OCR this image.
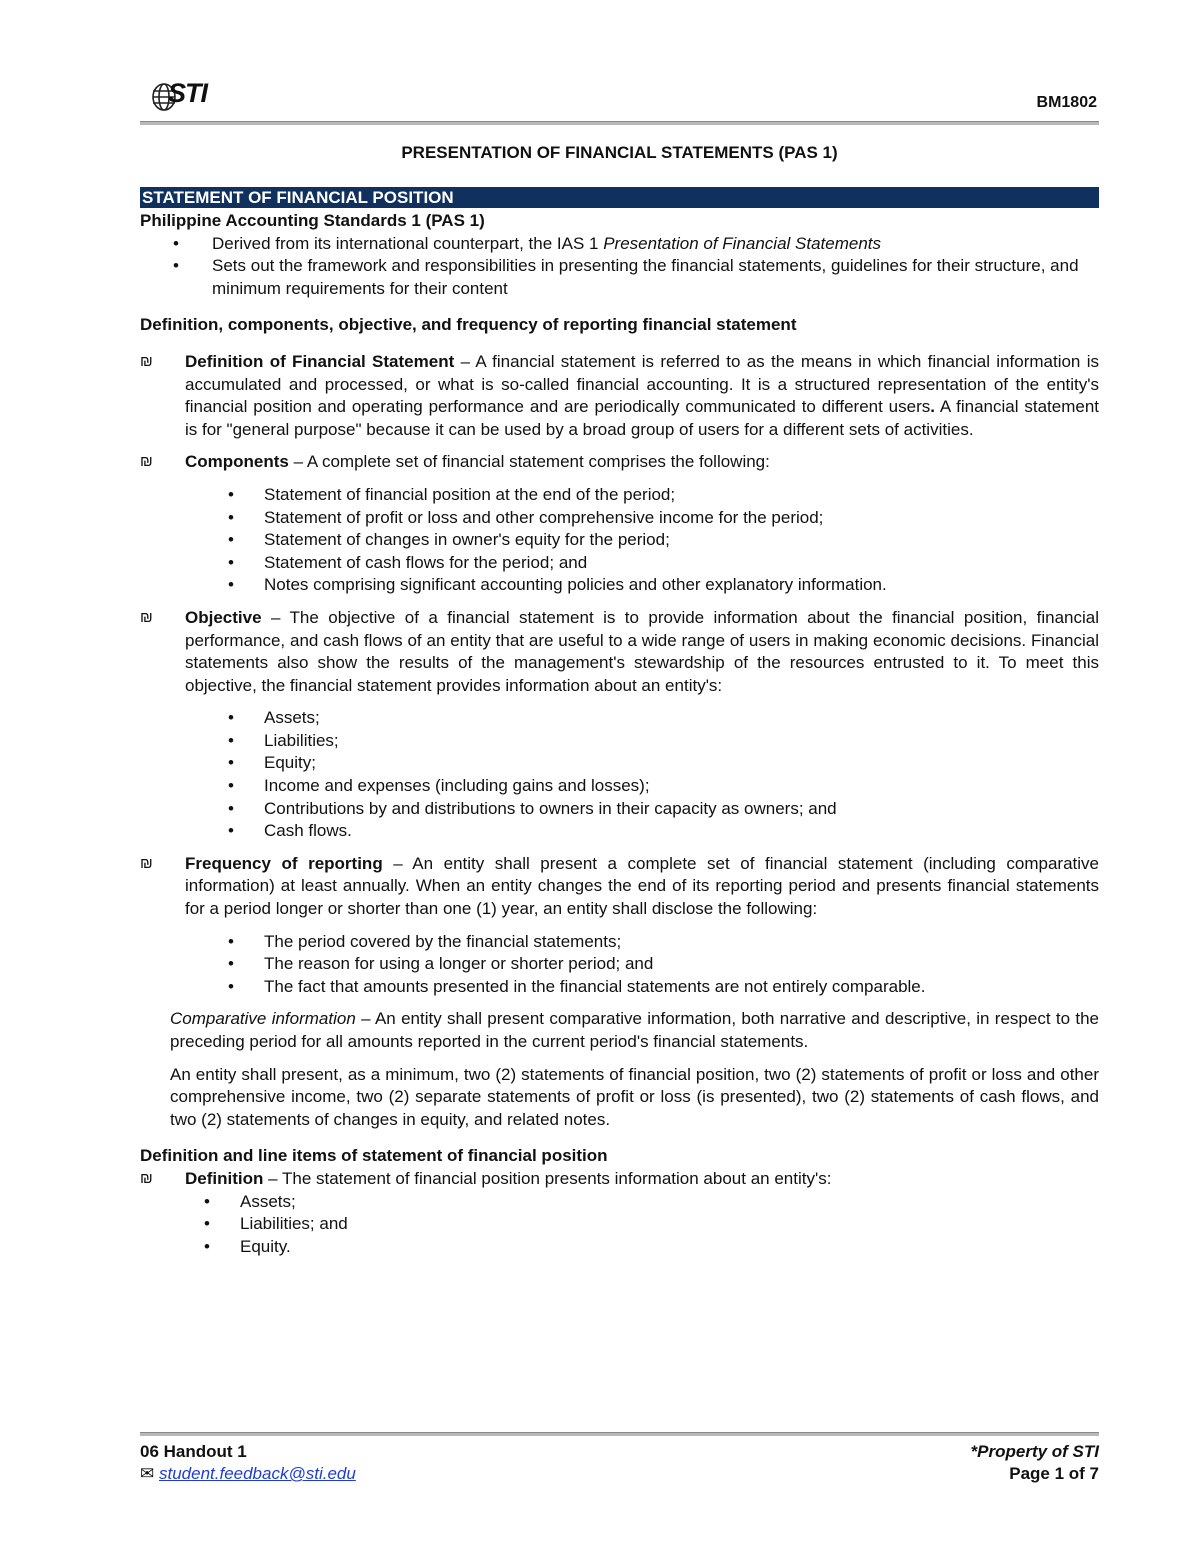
STI	BM1802
PRESENTATION OF FINANCIAL STATEMENTS (PAS 1)
STATEMENT OF FINANCIAL POSITION
Philippine Accounting Standards 1 (PAS 1)
• Derived from its international counterpart, the IAS 1 Presentation of Financial Statements
• Sets out the framework and responsibilities in presenting the financial statements, guidelines for their structure, and minimum requirements for their content
Definition, components, objective, and frequency of reporting financial statement
₪ Definition of Financial Statement – A financial statement is referred to as the means in which financial information is accumulated and processed, or what is so-called financial accounting. It is a structured representation of the entity's financial position and operating performance and are periodically communicated to different users. A financial statement is for "general purpose" because it can be used by a broad group of users for a different sets of activities.
₪ Components – A complete set of financial statement comprises the following:
• Statement of financial position at the end of the period;
• Statement of profit or loss and other comprehensive income for the period;
• Statement of changes in owner's equity for the period;
• Statement of cash flows for the period; and
• Notes comprising significant accounting policies and other explanatory information.
₪ Objective – The objective of a financial statement is to provide information about the financial position, financial performance, and cash flows of an entity that are useful to a wide range of users in making economic decisions. Financial statements also show the results of the management's stewardship of the resources entrusted to it. To meet this objective, the financial statement provides information about an entity's:
• Assets;
• Liabilities;
• Equity;
• Income and expenses (including gains and losses);
• Contributions by and distributions to owners in their capacity as owners; and
• Cash flows.
₪ Frequency of reporting – An entity shall present a complete set of financial statement (including comparative information) at least annually. When an entity changes the end of its reporting period and presents financial statements for a period longer or shorter than one (1) year, an entity shall disclose the following:
• The period covered by the financial statements;
• The reason for using a longer or shorter period; and
• The fact that amounts presented in the financial statements are not entirely comparable.
Comparative information – An entity shall present comparative information, both narrative and descriptive, in respect to the preceding period for all amounts reported in the current period's financial statements.
An entity shall present, as a minimum, two (2) statements of financial position, two (2) statements of profit or loss and other comprehensive income, two (2) separate statements of profit or loss (is presented), two (2) statements of cash flows, and two (2) statements of changes in equity, and related notes.
Definition and line items of statement of financial position
₪ Definition – The statement of financial position presents information about an entity's:
• Assets;
• Liabilities; and
• Equity.
06 Handout 1
✉ student.feedback@sti.edu
*Property of STI
Page 1 of 7
